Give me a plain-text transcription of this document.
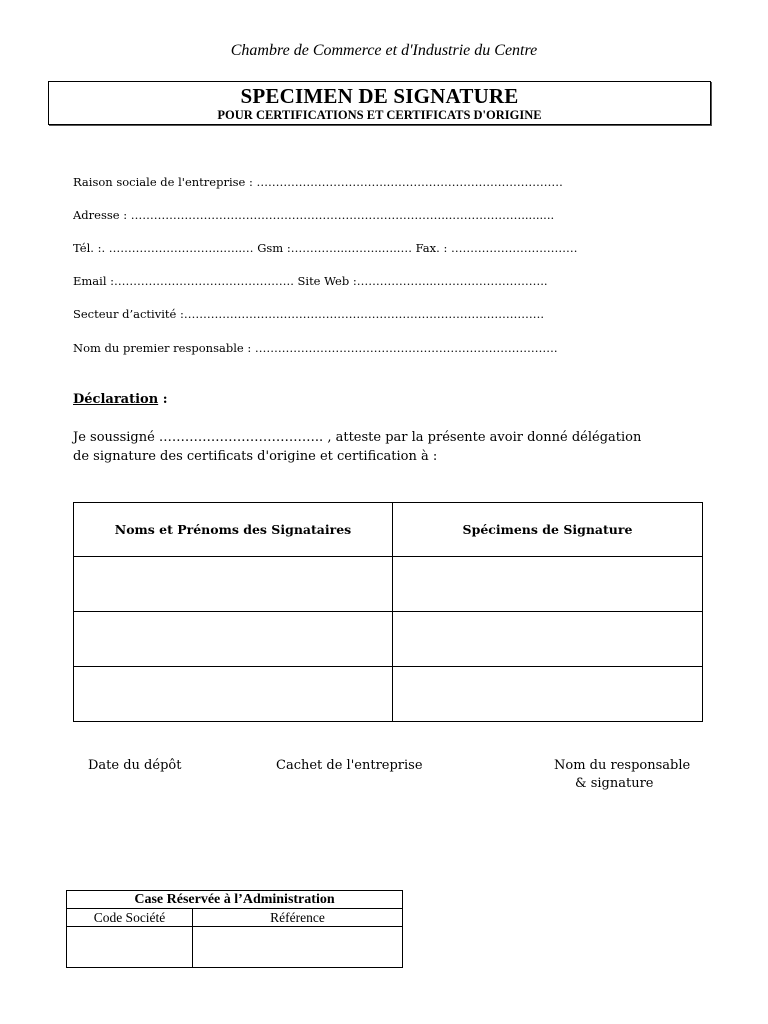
Chambre de Commerce et d'Industrie du Centre
SPECIMEN DE SIGNATURE
POUR CERTIFICATIONS ET CERTIFICATS D'ORIGINE
Raison sociale de l'entreprise : ……………………………..………………………………………
Adresse : ………………………………………………………………………...……………….........
Tél. :. ………………………...…..… Gsm :…………...……...…..… Fax. : ……………………………
Email :……………………………………….. Site Web :………………...………………………..
Secteur d’activité :………………………………………………………………………………….
Nom du premier responsable : …………………………………………………………………….
Déclaration :
Je soussigné ……………………………….. , atteste par la présente avoir donné délégation
de signature des certificats d'origine et certification à :
Noms et Prénoms des Signataires	Spécimens de Signature

Date du dépôt	Cachet de l'entreprise	Nom du responsable
& signature
Case Réservée à l’Administration	
Code Société	Référence
